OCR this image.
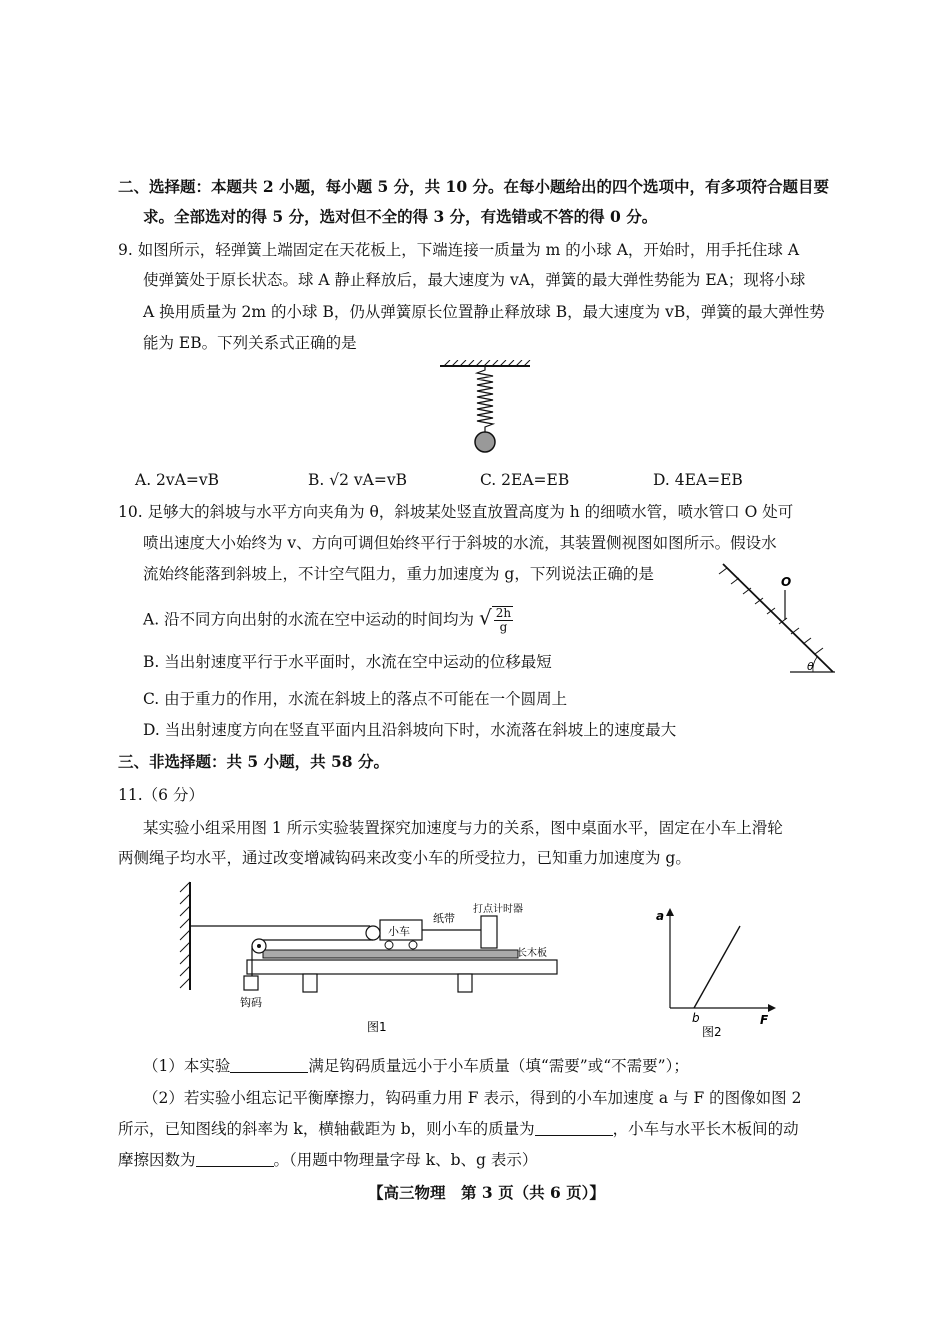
二、选择题：本题共 2 小题，每小题 5 分，共 10 分。在每小题给出的四个选项中，有多项符合题目要
求。全部选对的得 5 分，选对但不全的得 3 分，有选错或不答的得 0 分。
9. 如图所示，轻弹簧上端固定在天花板上，下端连接一质量为 m 的小球 A，开始时，用手托住球 A
使弹簧处于原长状态。球 A 静止释放后，最大速度为 vA，弹簧的最大弹性势能为 EA；现将小球
A 换用质量为 2m 的小球 B，仍从弹簧原长位置静止释放球 B，最大速度为 vB，弹簧的最大弹性势
能为 EB。下列关系式正确的是
A. 2vA=vB	B. √2 vA=vB	C. 2EA=EB	D. 4EA=EB
10. 足够大的斜坡与水平方向夹角为 θ，斜坡某处竖直放置高度为 h 的细喷水管，喷水管口 O 处可
喷出速度大小始终为 v、方向可调但始终平行于斜坡的水流，其装置侧视图如图所示。假设水
流始终能落到斜坡上，不计空气阻力，重力加速度为 g，下列说法正确的是
A. 沿不同方向出射的水流在空中运动的时间均为 √ $\frac{2h}{g}$
B. 当出射速度平行于水平面时，水流在空中运动的位移最短
C. 由于重力的作用，水流在斜坡上的落点不可能在一个圆周上
D. 当出射速度方向在竖直平面内且沿斜坡向下时，水流落在斜坡上的速度最大
O
θ
三、非选择题：共 5 小题，共 58 分。
11.（6 分）
某实验小组采用图 1 所示实验装置探究加速度与力的关系，图中桌面水平，固定在小车上滑轮
两侧绳子均水平，通过改变增减钩码来改变小车的所受拉力，已知重力加速度为 g。
小车
纸带
打点计时器
长木板
钩码
图1
a
F
b
图2
（1）本实验	满足钩码质量远小于小车质量（填“需要”或“不需要”）；
（2）若实验小组忘记平衡摩擦力，钩码重力用 F 表示，得到的小车加速度 a 与 F 的图像如图 2
所示，已知图线的斜率为 k，横轴截距为 b，则小车的质量为	，小车与水平长木板间的动
摩擦因数为	。（用题中物理量字母 k、b、g 表示）
【高三物理　第 3 页（共 6 页）】
